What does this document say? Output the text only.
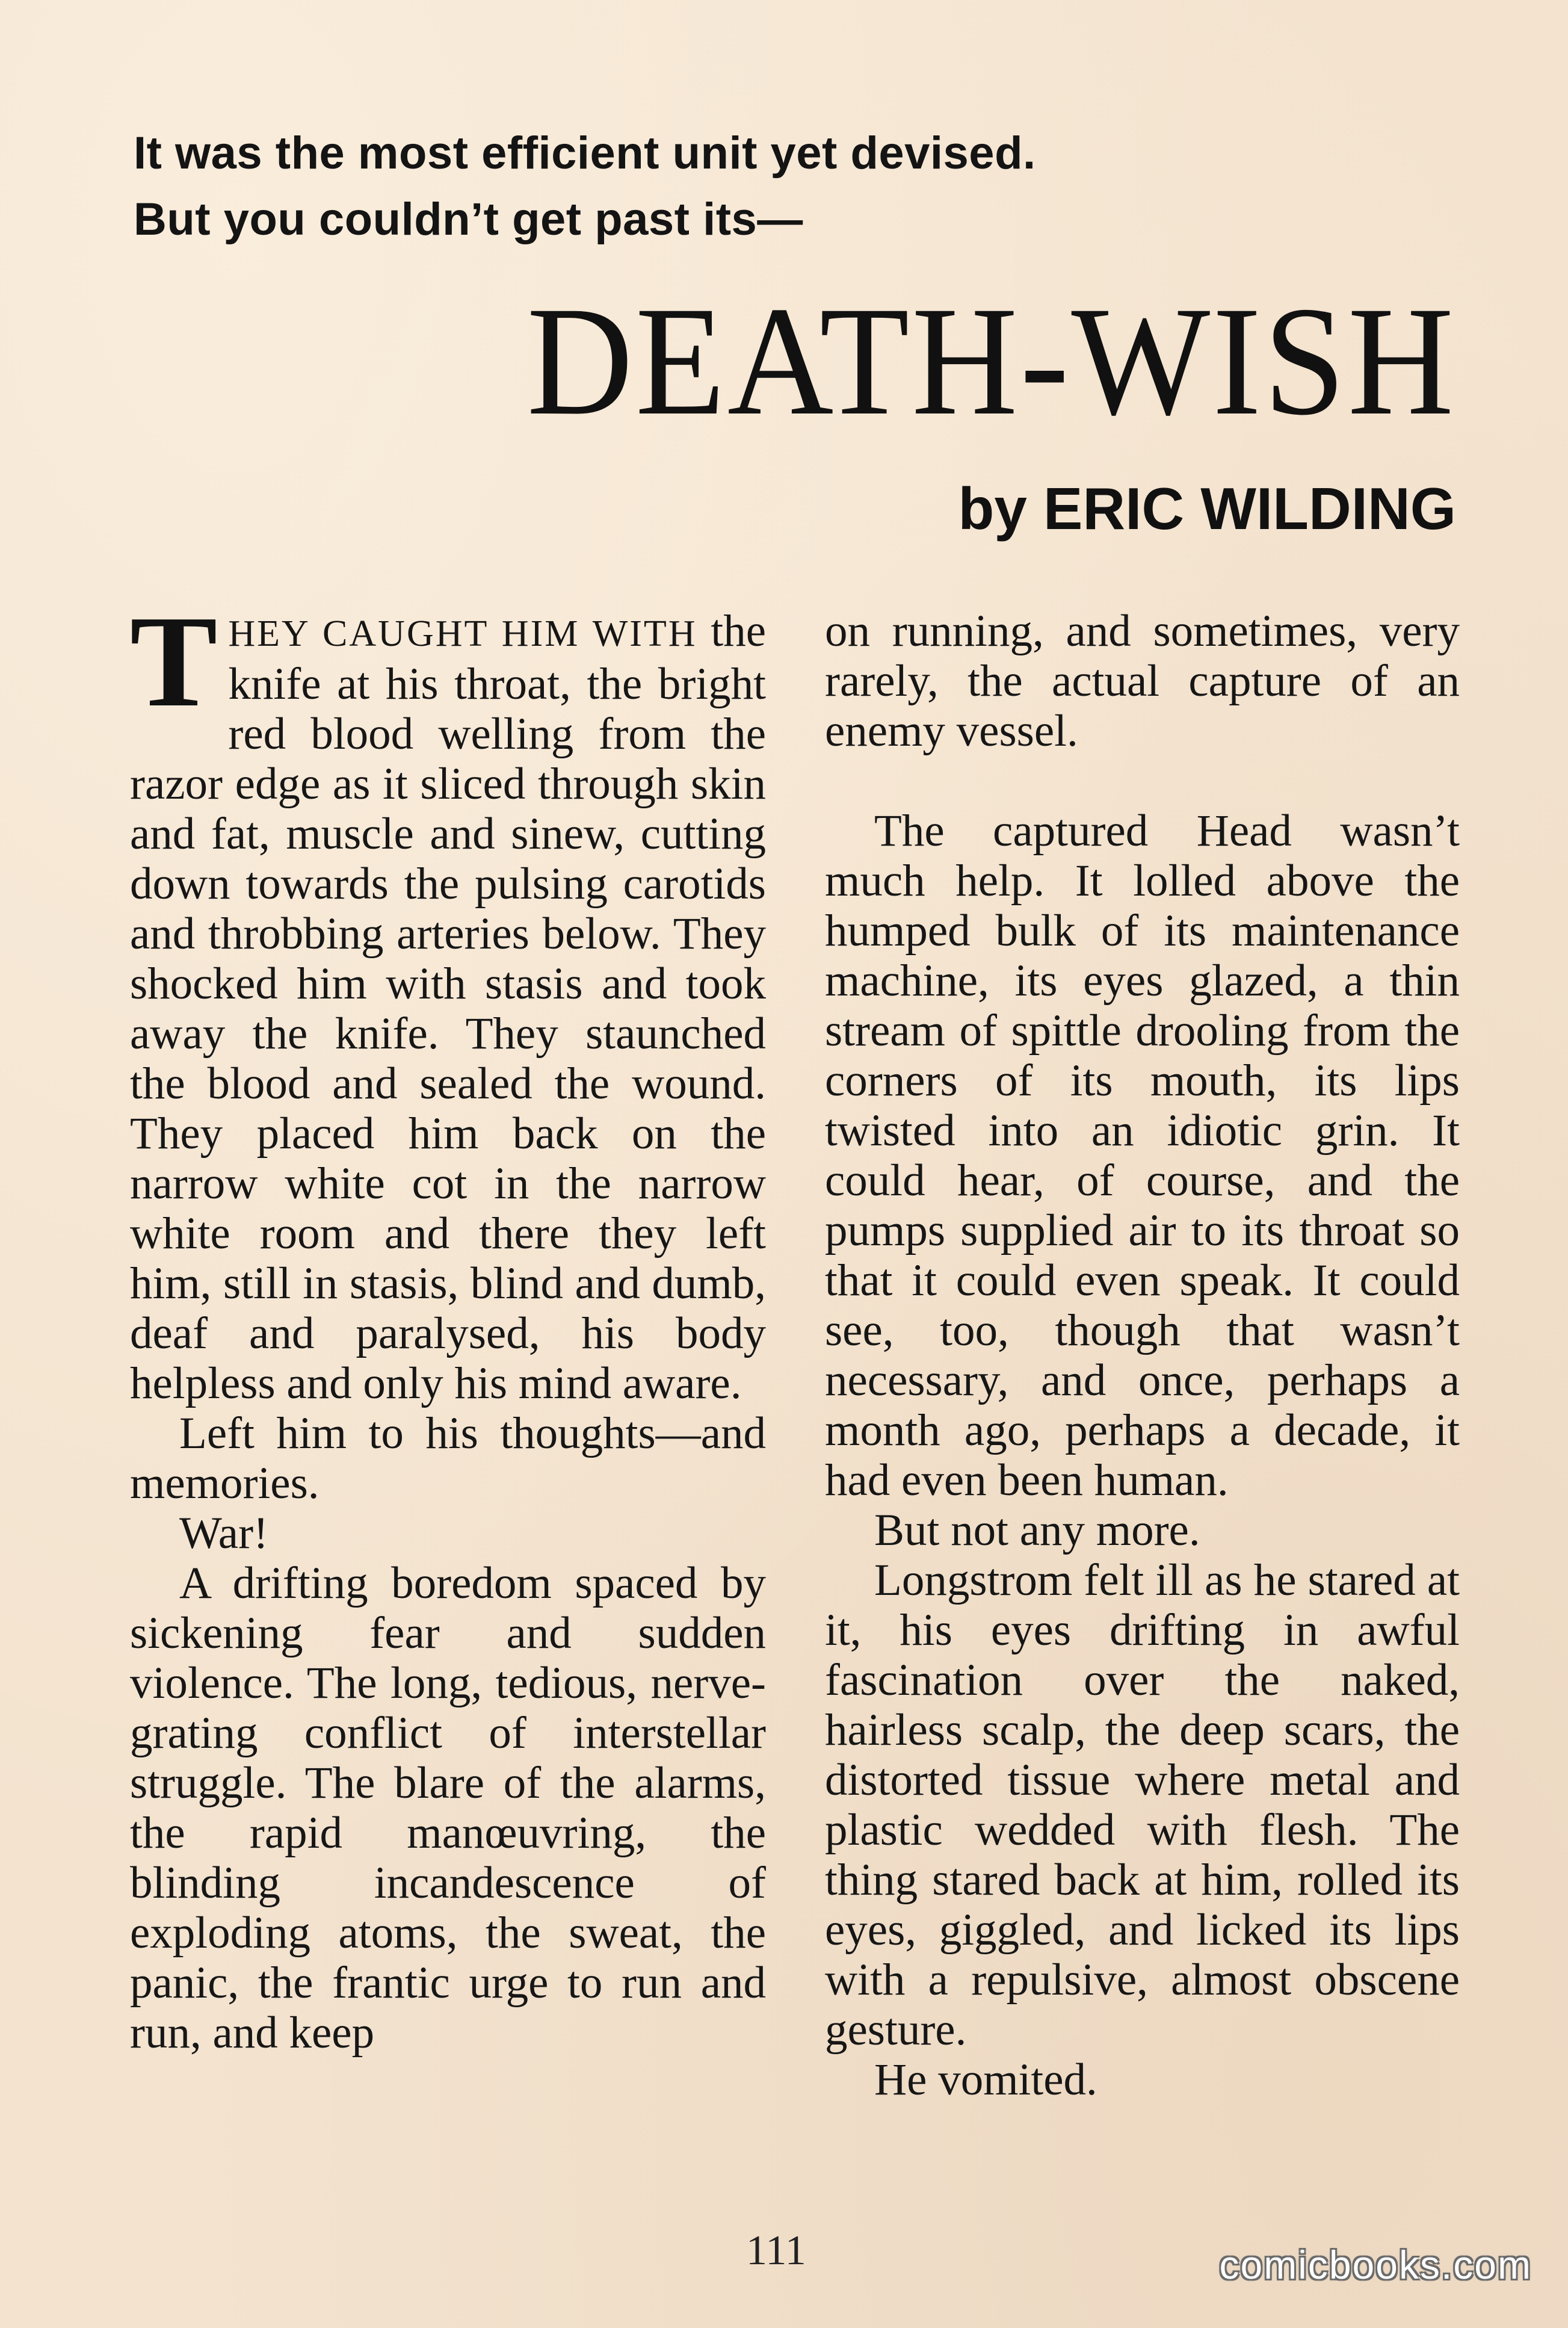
It was the most efficient unit yet devised.
But you couldn’t get past its—
DEATH-WISH
by ERIC WILDING

THEY CAUGHT HIM WITH the knife at his throat, the bright red blood welling from the razor edge as it sliced through skin and fat, muscle and sinew, cutting down towards the pulsing carotids and throbbing arteries below. They shocked him with stasis and took away the knife. They staunched the blood and sealed the wound. They placed him back on the narrow white cot in the narrow white room and there they left him, still in stasis, blind and dumb, deaf and paralysed, his body helpless and only his mind aware.

Left him to his thoughts—and memories.

War!

A drifting boredom spaced by sickening fear and sudden violence. The long, tedious, nerve-grating conflict of interstellar struggle. The blare of the alarms, the rapid manœuvring, the blinding incandescence of exploding atoms, the sweat, the panic, the frantic urge to run and run, and keep

on running, and sometimes, very rarely, the actual capture of an enemy vessel.

The captured Head wasn’t much help. It lolled above the humped bulk of its maintenance machine, its eyes glazed, a thin stream of spittle drooling from the corners of its mouth, its lips twisted into an idiotic grin. It could hear, of course, and the pumps supplied air to its throat so that it could even speak. It could see, too, though that wasn’t necessary, and once, perhaps a month ago, perhaps a decade, it had even been human.

But not any more.

Longstrom felt ill as he stared at it, his eyes drifting in awful fascination over the naked, hairless scalp, the deep scars, the distorted tissue where metal and plastic wedded with flesh. The thing stared back at him, rolled its eyes, giggled, and licked its lips with a repulsive, almost obscene gesture.

He vomited.

111	comicbooks.com
